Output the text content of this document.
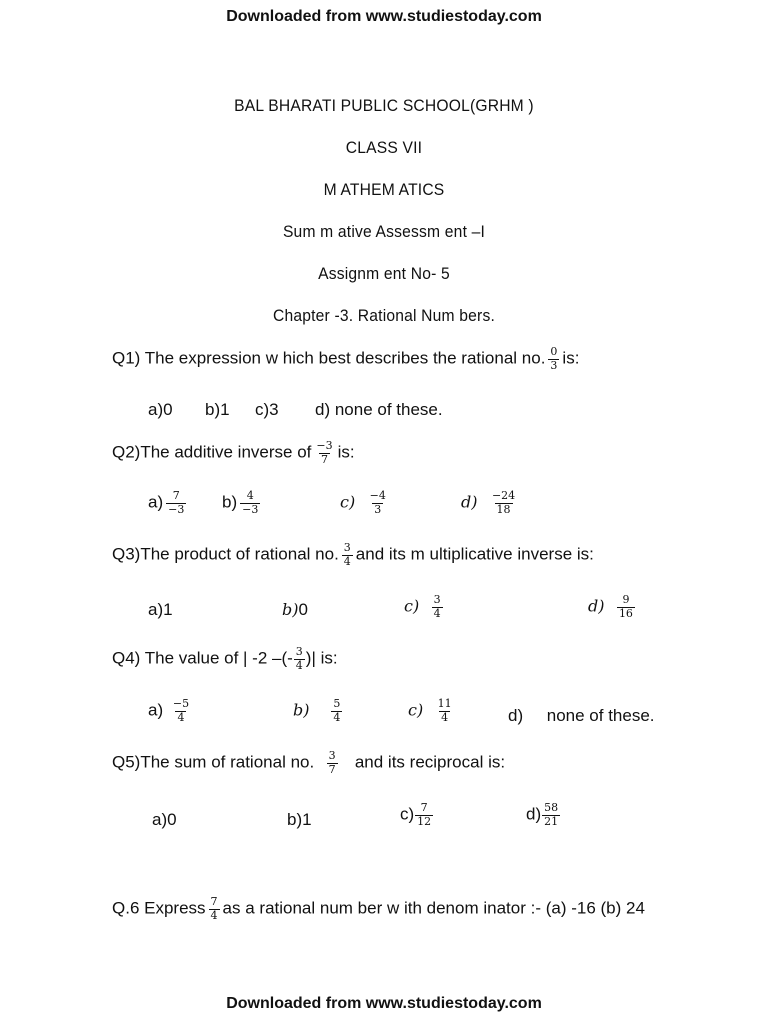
Downloaded from www.studiestoday.com
BAL BHARATI PUBLIC SCHOOL(GRHM )
CLASS VII
M ATHEM ATICS
Sum m ative Assessm ent –I
Assignm ent No- 5
Chapter -3. Rational Num bers.
Q1) The expression w hich best describes the rational no. $\frac{0}{3}$ is:
a)0 b)1 c)3 d) none of these.
Q2)The additive inverse of $\frac{-3}{7}$ is:
$a) \frac{7}{-3} b) \frac{4}{-3}$	$c) \frac{-4}{3}$	$d) \frac{-24}{18}$
Q3)The product of rational no. $\frac{3}{4}$ and its m ultiplicative inverse is:
a)1	b)0	$c) \frac{3}{4}$	$d) \frac{9}{16}$
Q4) The value of | -2 –(- $\frac{3}{4}$ )| is:
$a) \frac{-5}{4}$	$b) \frac{5}{4}$	$c) \frac{11}{4}$	d) none of these.
Q5)The sum of rational no. $\frac{3}{7}$ and its reciprocal is:
a)0	b)1	$c) \frac{7}{12}$	$d) \frac{58}{21}$
Q.6 Express $\frac{7}{4}$ as a rational num ber w ith denom inator :- (a) -16 (b) 24
Downloaded from www.studiestoday.com
